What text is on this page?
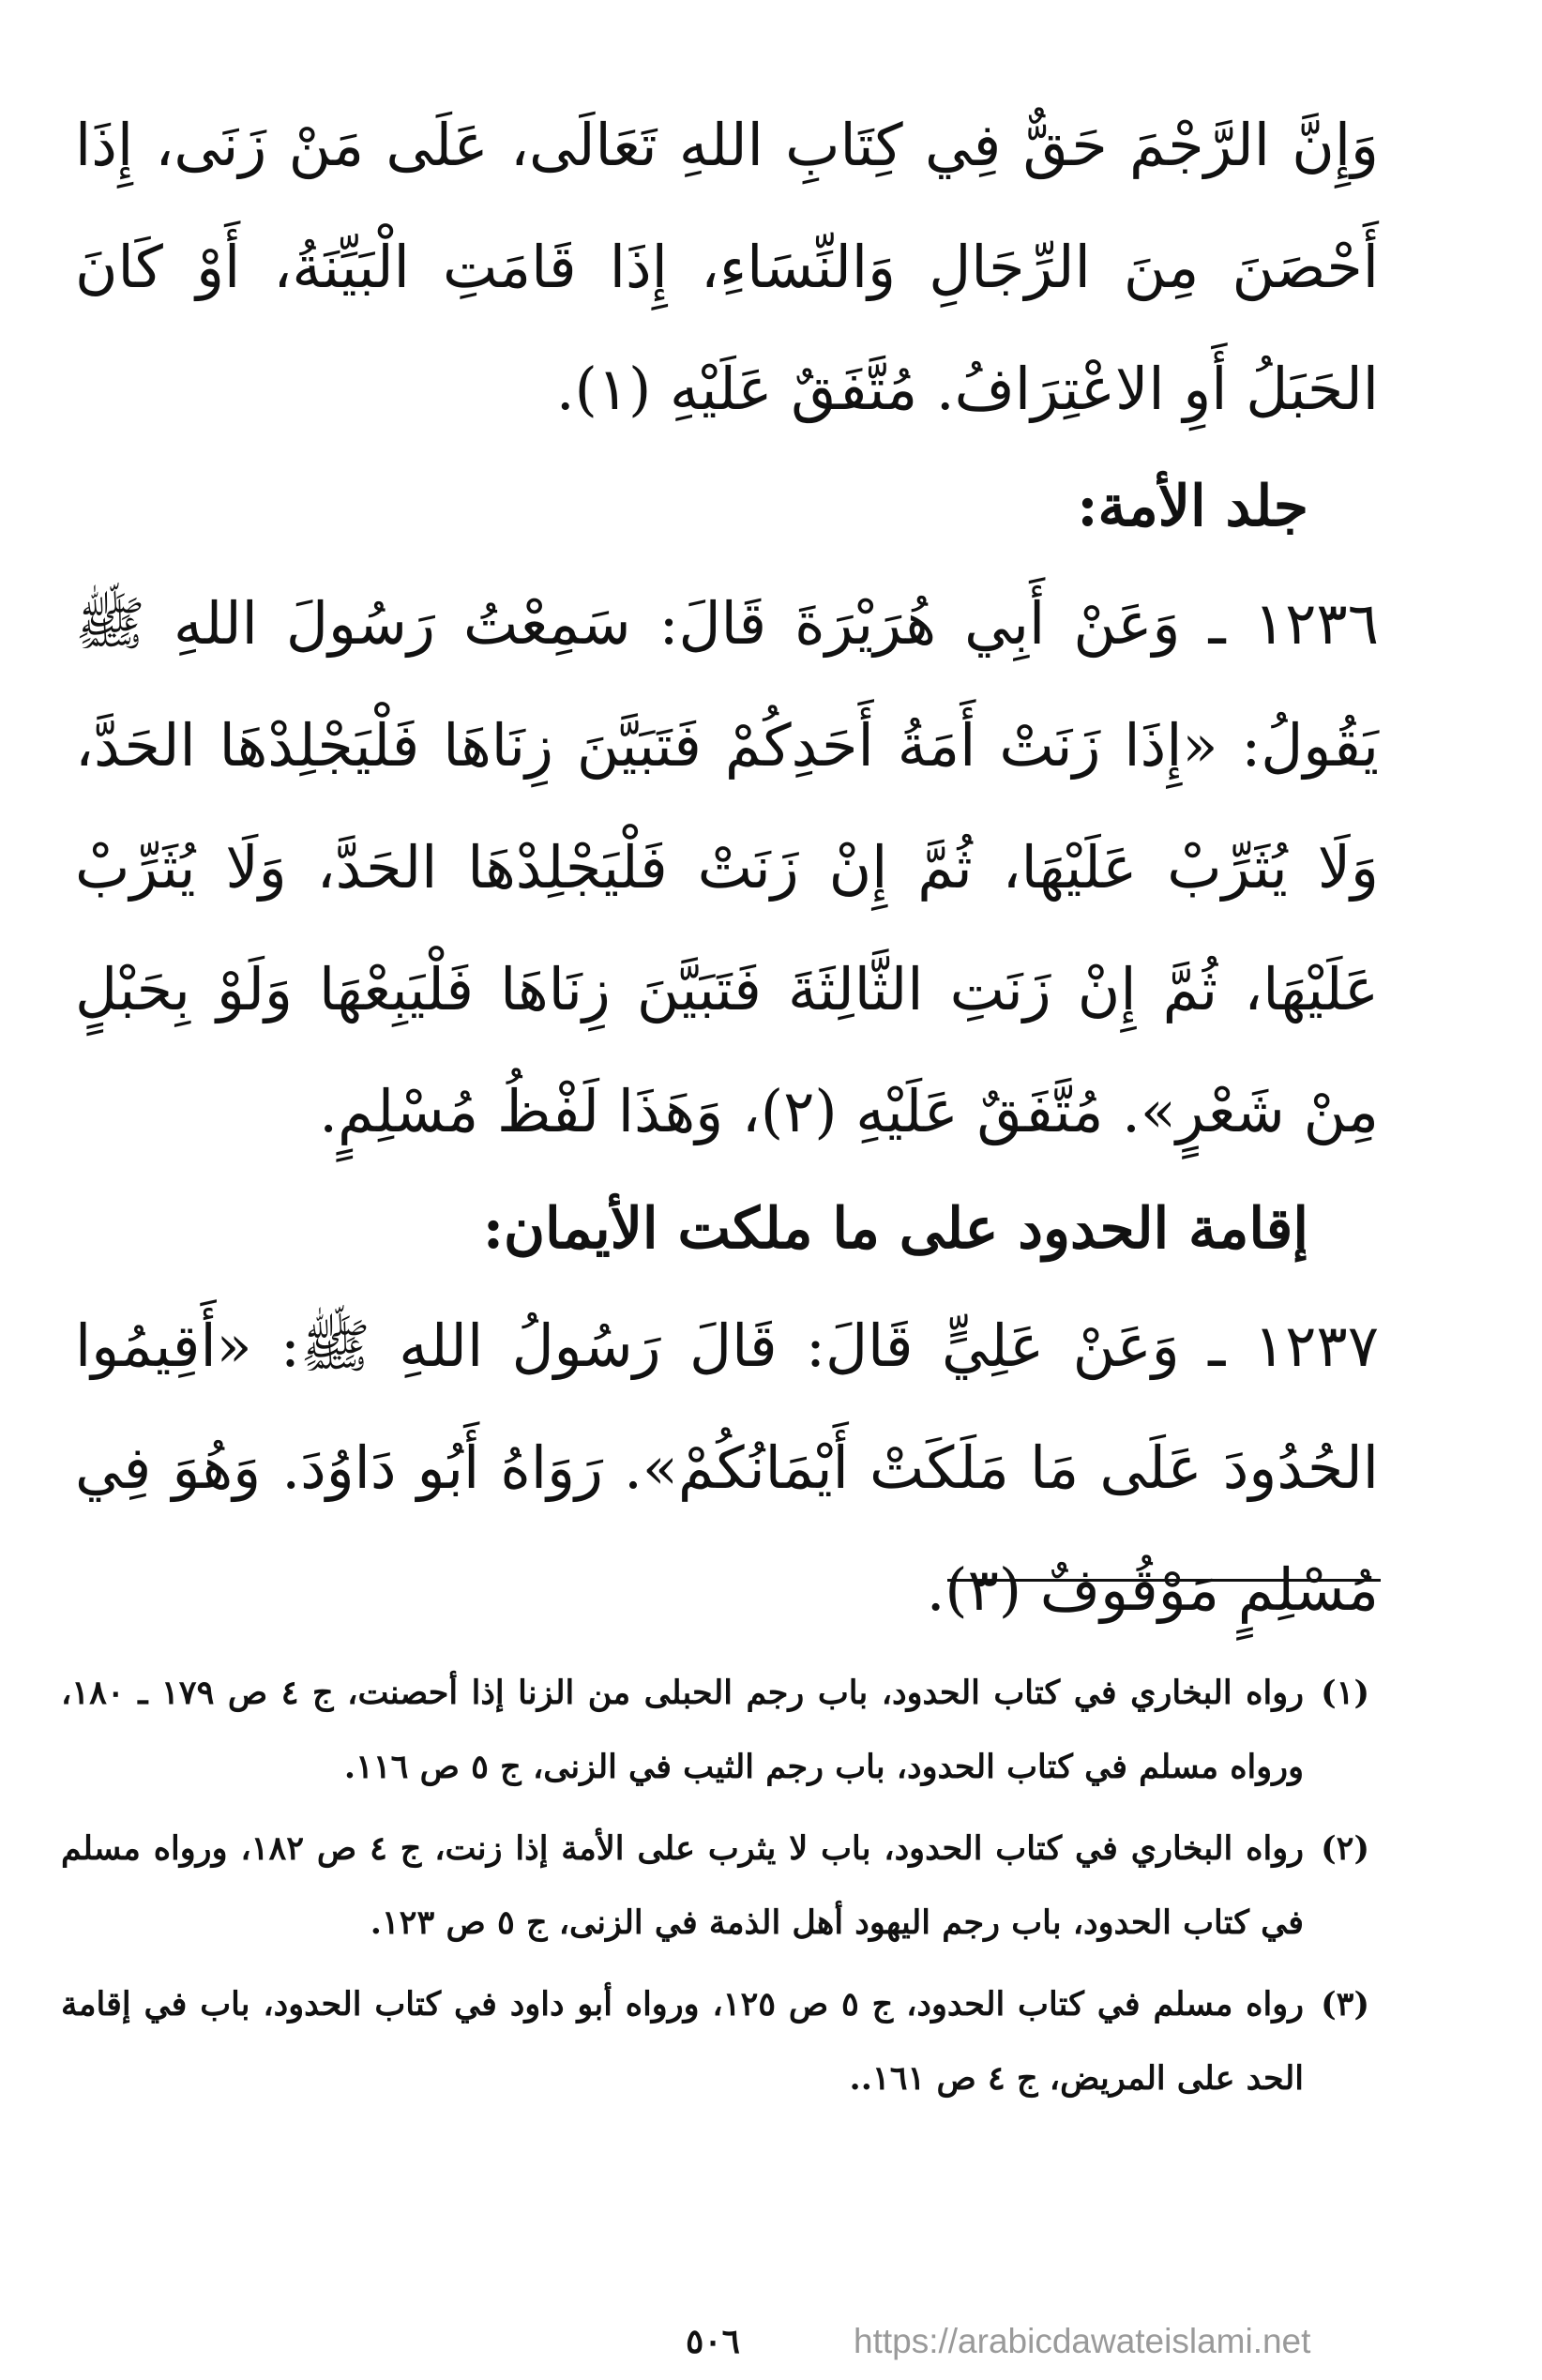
وَإِنَّ الرَّجْمَ حَقٌّ فِي كِتَابِ اللهِ تَعَالَى، عَلَى مَنْ زَنَى، إِذَا أَحْصَنَ مِنَ الرِّجَالِ وَالنِّسَاءِ، إِذَا قَامَتِ الْبَيِّنَةُ، أَوْ كَانَ الحَبَلُ أَوِ الاعْتِرَافُ. مُتَّفَقٌ عَلَيْهِ (١).

جلد الأمة:

١٢٣٦ ـ وَعَنْ أَبِي هُرَيْرَةَ قَالَ: سَمِعْتُ رَسُولَ اللهِ ﷺ يَقُولُ: «إِذَا زَنَتْ أَمَةُ أَحَدِكُمْ فَتَبَيَّنَ زِنَاهَا فَلْيَجْلِدْهَا الحَدَّ، وَلَا يُثَرِّبْ عَلَيْهَا، ثُمَّ إِنْ زَنَتْ فَلْيَجْلِدْهَا الحَدَّ، وَلَا يُثَرِّبْ عَلَيْهَا، ثُمَّ إِنْ زَنَتِ الثَّالِثَةَ فَتَبَيَّنَ زِنَاهَا فَلْيَبِعْهَا وَلَوْ بِحَبْلٍ مِنْ شَعْرٍ». مُتَّفَقٌ عَلَيْهِ (٢)، وَهَذَا لَفْظُ مُسْلِمٍ.

إقامة الحدود على ما ملكت الأيمان:

١٢٣٧ ـ وَعَنْ عَلِيٍّ قَالَ: قَالَ رَسُولُ اللهِ ﷺ: «أَقِيمُوا الحُدُودَ عَلَى مَا مَلَكَتْ أَيْمَانُكُمْ». رَوَاهُ أَبُو دَاوُدَ. وَهُوَ فِي مُسْلِمٍ مَوْقُوفٌ (٣).

(١)
رواه البخاري في كتاب الحدود، باب رجم الحبلى من الزنا إذا أحصنت، ج ٤ ص ١٧٩ ـ ١٨٠، ورواه مسلم في كتاب الحدود، باب رجم الثيب في الزنى، ج ٥ ص ١١٦.
(٢)
رواه البخاري في كتاب الحدود، باب لا يثرب على الأمة إذا زنت، ج ٤ ص ١٨٢، ورواه مسلم في كتاب الحدود، باب رجم اليهود أهل الذمة في الزنى، ج ٥ ص ١٢٣.
(٣)
رواه مسلم في كتاب الحدود، ج ٥ ص ١٢٥، ورواه أبو داود في كتاب الحدود، باب في إقامة الحد على المريض، ج ٤ ص ١٦١..
٥٠٦	https://arabicdawateislami.net
